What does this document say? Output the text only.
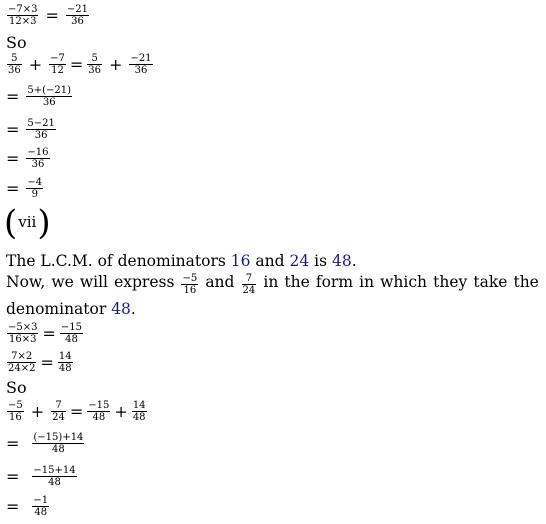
$\frac{-7\times 3}{12\times 3} = \frac{-21}{36}$
So
$\frac{5}{36} + \frac{-7}{12} = \frac{5}{36} + \frac{-21}{36}$
= $\frac{5+(-21)}{36}$
= $\frac{5-21}{36}$
= $\frac{-16}{36}$
= $\frac{-4}{9}$
( vii )
The L.C.M. of denominators 16 and 24 is 48.
Now, we will express $\frac{-5}{16}$ and $\frac{7}{24}$ in the form in which they take the
denominator 48.
$\frac{-5\times 3}{16\times 3} = \frac{-15}{48}$
$\frac{7\times 2}{24\times 2} = \frac{14}{48}$
So
$\frac{-5}{16} + \frac{7}{24} = \frac{-15}{48} + \frac{14}{48}$
= $\frac{(-15)+14}{48}$
= $\frac{-15+14}{48}$
= $\frac{-1}{48}$
